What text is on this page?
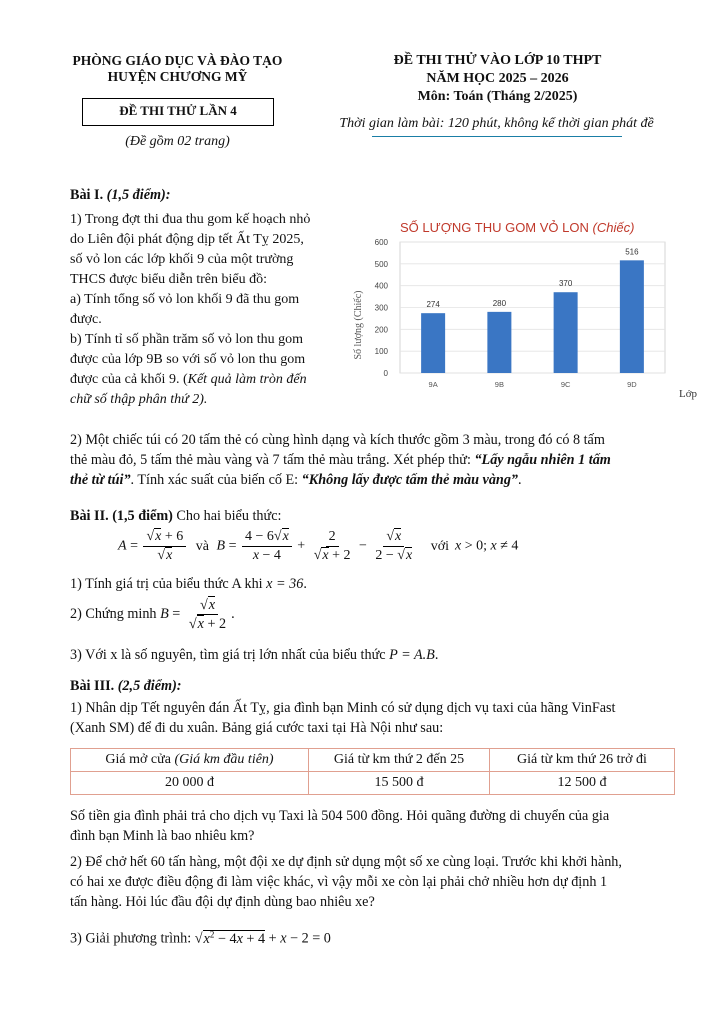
PHÒNG GIÁO DỤC VÀ ĐÀO TẠO
HUYỆN CHƯƠNG MỸ
ĐỀ THI THỬ LẦN 4
(Đề gồm 02 trang)
ĐỀ THI THỬ VÀO LỚP 10 THPT
NĂM HỌC 2025 – 2026
Môn: Toán (Tháng 2/2025)
Thời gian làm bài: 120 phút, không kể thời gian phát đề
Bài I. (1,5 điểm):
1) Trong đợt thi đua thu gom kế hoạch nhỏ
do Liên đội phát động dịp tết Ất Tỵ 2025,
số vỏ lon các lớp khối 9 của một trường
THCS được biểu diễn trên biểu đồ:
a) Tính tổng số vỏ lon khối 9 đã thu gom
được.
b) Tính tỉ số phần trăm số vỏ lon thu gom
được của lớp 9B so với số vỏ lon thu gom
được của cả khối 9. (Kết quả làm tròn đến
chữ số thập phân thứ 2).
SỐ LƯỢNG THU GOM VỎ LON (Chiếc)
Số lượng (Chiếc)
Lớp
0
100
200
300
400
500
600
274
9A
280
9B
370
9C
516
9D
2) Một chiếc túi có 20 tấm thẻ có cùng hình dạng và kích thước gồm 3 màu, trong đó có 8 tấm
thẻ màu đỏ, 5 tấm thẻ màu vàng và 7 tấm thẻ màu trắng. Xét phép thử: “Lấy ngẫu nhiên 1 tấm
thẻ từ túi”. Tính xác suất của biến cố E: “Không lấy được tấm thẻ màu vàng”.
Bài II. (1,5 điểm) Cho hai biểu thức:
$A = \frac{√x + 6}{√x}$ và $B = \frac{4 - 6√x}{x - 4} + \frac{2}{√x + 2} - \frac{√x}{2 - √x}$ với x > 0; x ≠ 4
1) Tính giá trị của biểu thức A khi x = 36.
2) Chứng minh $B = \frac{√x}{√x + 2}$ .
3) Với x là số nguyên, tìm giá trị lớn nhất của biểu thức P = A.B.
Bài III. (2,5 điểm):
1) Nhân dịp Tết nguyên đán Ất Tỵ, gia đình bạn Minh có sử dụng dịch vụ taxi của hãng VinFast
(Xanh SM) để đi du xuân. Bảng giá cước taxi tại Hà Nội như sau:
Giá mở cửa (Giá km đầu tiên)	Giá từ km thứ 2 đến 25	Giá từ km thứ 26 trở đi
20 000 đ	15 500 đ	12 500 đ
Số tiền gia đình phải trả cho dịch vụ Taxi là 504 500 đồng. Hỏi quãng đường di chuyển của gia
đình bạn Minh là bao nhiêu km?
2) Để chở hết 60 tấn hàng, một đội xe dự định sử dụng một số xe cùng loại. Trước khi khởi hành,
có hai xe được điều động đi làm việc khác, vì vậy mỗi xe còn lại phải chở nhiều hơn dự định 1
tấn hàng. Hỏi lúc đầu đội dự định dùng bao nhiêu xe?
3) Giải phương trình: $√x^2 - 4x + 4 + x - 2 = 0$
